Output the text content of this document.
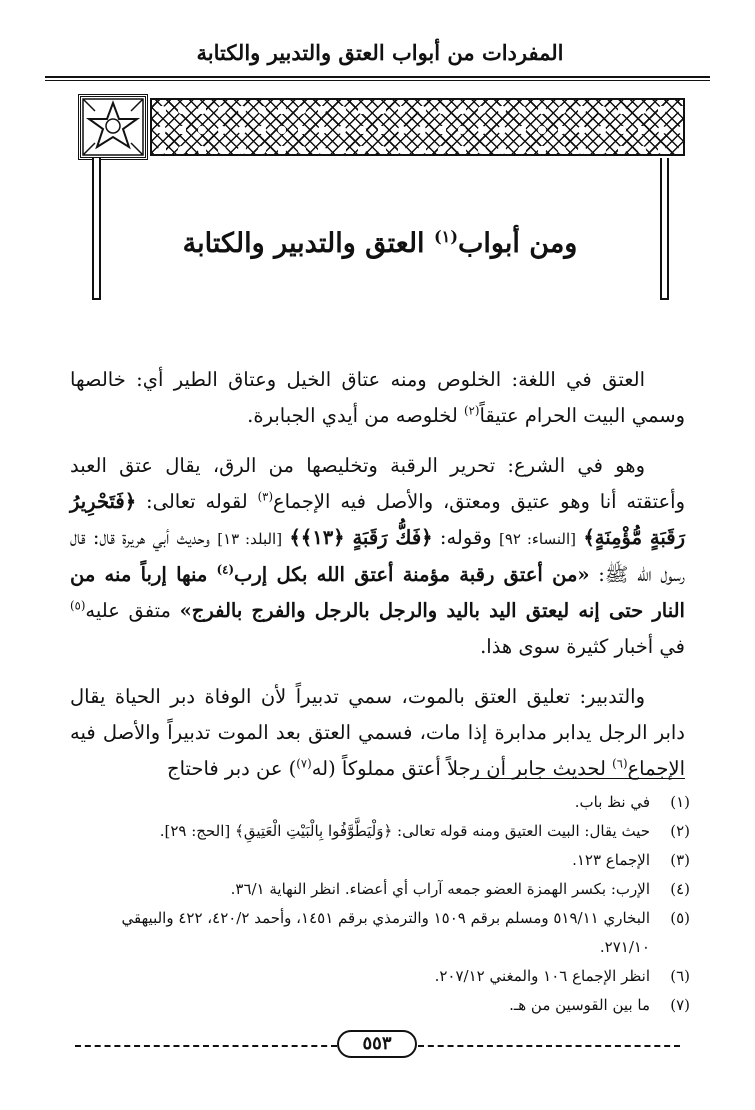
المفردات من أبواب العتق والتدبير والكتابة
ومن أبواب$^{(١)}$ العتق والتدبير والكتابة

العتق في اللغة: الخلوص ومنه عتاق الخيل وعتاق الطير أي: خالصها وسمي البيت الحرام عتيقاً$^{(٢)}$ لخلوصه من أيدي الجبابرة.

وهو في الشرع: تحرير الرقبة وتخليصها من الرق، يقال عتق العبد وأعتقته أنا وهو عتيق ومعتق، والأصل فيه الإجماع$^{(٣)}$ لقوله تعالى: ﴿فَتَحْرِيرُ رَقَبَةٍ مُّؤْمِنَةٍ﴾ [النساء: ٩٢] وقوله: ﴿فَكُّ رَقَبَةٍ ﴿١٣﴾﴾ [البلد: ١٣] وحديث أبي هريرة قال: قال رسول الله ﷺ: «من أعتق رقبة مؤمنة أعتق الله بكل إرب$^{(٤)}$ منها إرباً منه من النار حتى إنه ليعتق اليد باليد والرجل بالرجل والفرج بالفرج» متفق عليه$^{(٥)}$ في أخبار كثيرة سوى هذا.

والتدبير: تعليق العتق بالموت، سمي تدبيراً لأن الوفاة دبر الحياة يقال دابر الرجل يدابر مدابرة إذا مات، فسمي العتق بعد الموت تدبيراً والأصل فيه الإجماع$^{(٦)}$ لحديث جابر أن رجلاً أعتق مملوكاً (له$^{(٧)}$) عن دبر فاحتاج

(١)
في نظ باب.
(٢)
حيث يقال: البيت العتيق ومنه قوله تعالى: ﴿وَلْيَطَّوَّفُوا بِالْبَيْتِ الْعَتِيقِ﴾ [الحج: ٢٩].
(٣)
الإجماع ١٢٣.
(٤)
الإرب: بكسر الهمزة العضو جمعه آراب أي أعضاء. انظر النهاية ٣٦/١.
(٥)
البخاري ٥١٩/١١ ومسلم برقم ١٥٠٩ والترمذي برقم ١٤٥١، وأحمد ٤٢٠/٢، ٤٢٢ والبيهقي ٢٧١/١٠.
(٦)
انظر الإجماع ١٠٦ والمغني ٢٠٧/١٢.
(٧)
ما بين القوسين من هـ.
٥٥٣
